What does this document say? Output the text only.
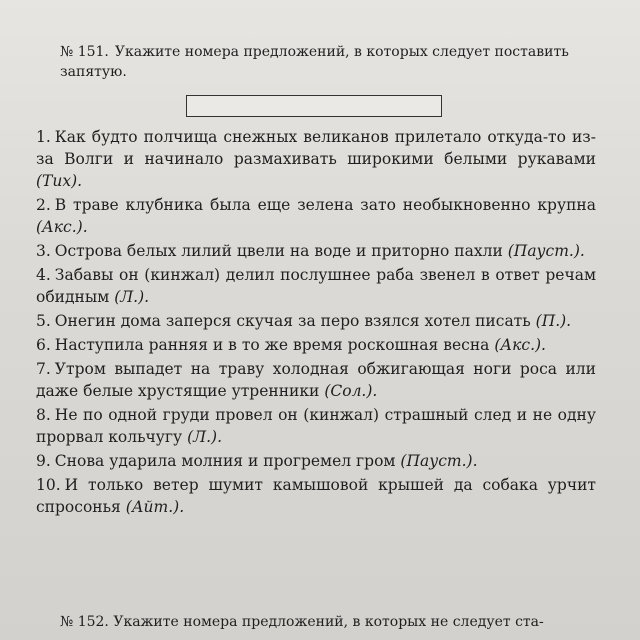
№ 151. Укажите номера предложений, в которых следует поставить запятую.

1. Как будто полчища снежных великанов прилетало откуда-то из-за Волги и начинало размахивать широкими белыми рукавами (Тих).

2. В траве клубника была еще зелена зато необыкновенно крупна (Акс.).

3. Острова белых лилий цвели на воде и приторно пахли (Пауст.).

4. Забавы он (кинжал) делил послушнее раба звенел в ответ речам обидным (Л.).

5. Онегин дома заперся скучая за перо взялся хотел писать (П.).

6. Наступила ранняя и в то же время роскошная весна (Акс.).

7. Утром выпадет на траву холодная обжигающая ноги роса или даже белые хрустящие утренники (Сол.).

8. Не по одной груди провел он (кинжал) страшный след и не одну прорвал кольчугу (Л.).

9. Снова ударила молния и прогремел гром (Пауст.).

10. И только ветер шумит камышовой крышей да собака урчит спросонья (Айт.).

№ 152. Укажите номера предложений, в которых не следует ста-
